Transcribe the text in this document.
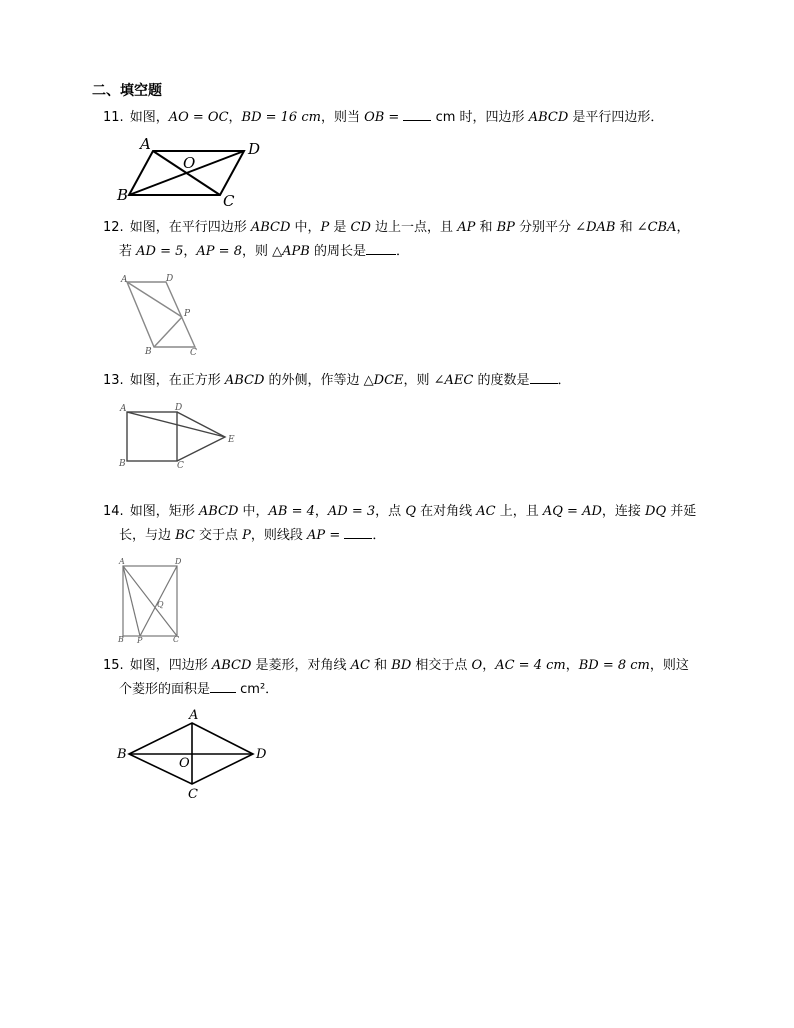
二、填空题
11. 如图，AO = OC，BD = 16 cm，则当 OB =  cm 时，四边形 ABCD 是平行四边形．
A
B	C
D
O
A	D
P
B	C
A	D
E
B	C
A	D
Q
B P	C
A
B
O
D
C
12. 如图，在平行四边形 ABCD 中，P 是 CD 边上一点，且 AP 和 BP 分别平分 ∠DAB 和 ∠CBA，
若 AD = 5，AP = 8，则 △APB 的周长是 ．
13. 如图，在正方形 ABCD 的外侧，作等边 △DCE，则 ∠AEC 的度数是 ．
14. 如图，矩形 ABCD 中，AB = 4，AD = 3，点 Q 在对角线 AC 上，且 AQ = AD，连接 DQ 并延
长，与边 BC 交于点 P，则线段 AP = ．
15. 如图，四边形 ABCD 是菱形，对角线 AC 和 BD 相交于点 O，AC = 4 cm，BD = 8 cm，则这
个菱形的面积是 cm²．
